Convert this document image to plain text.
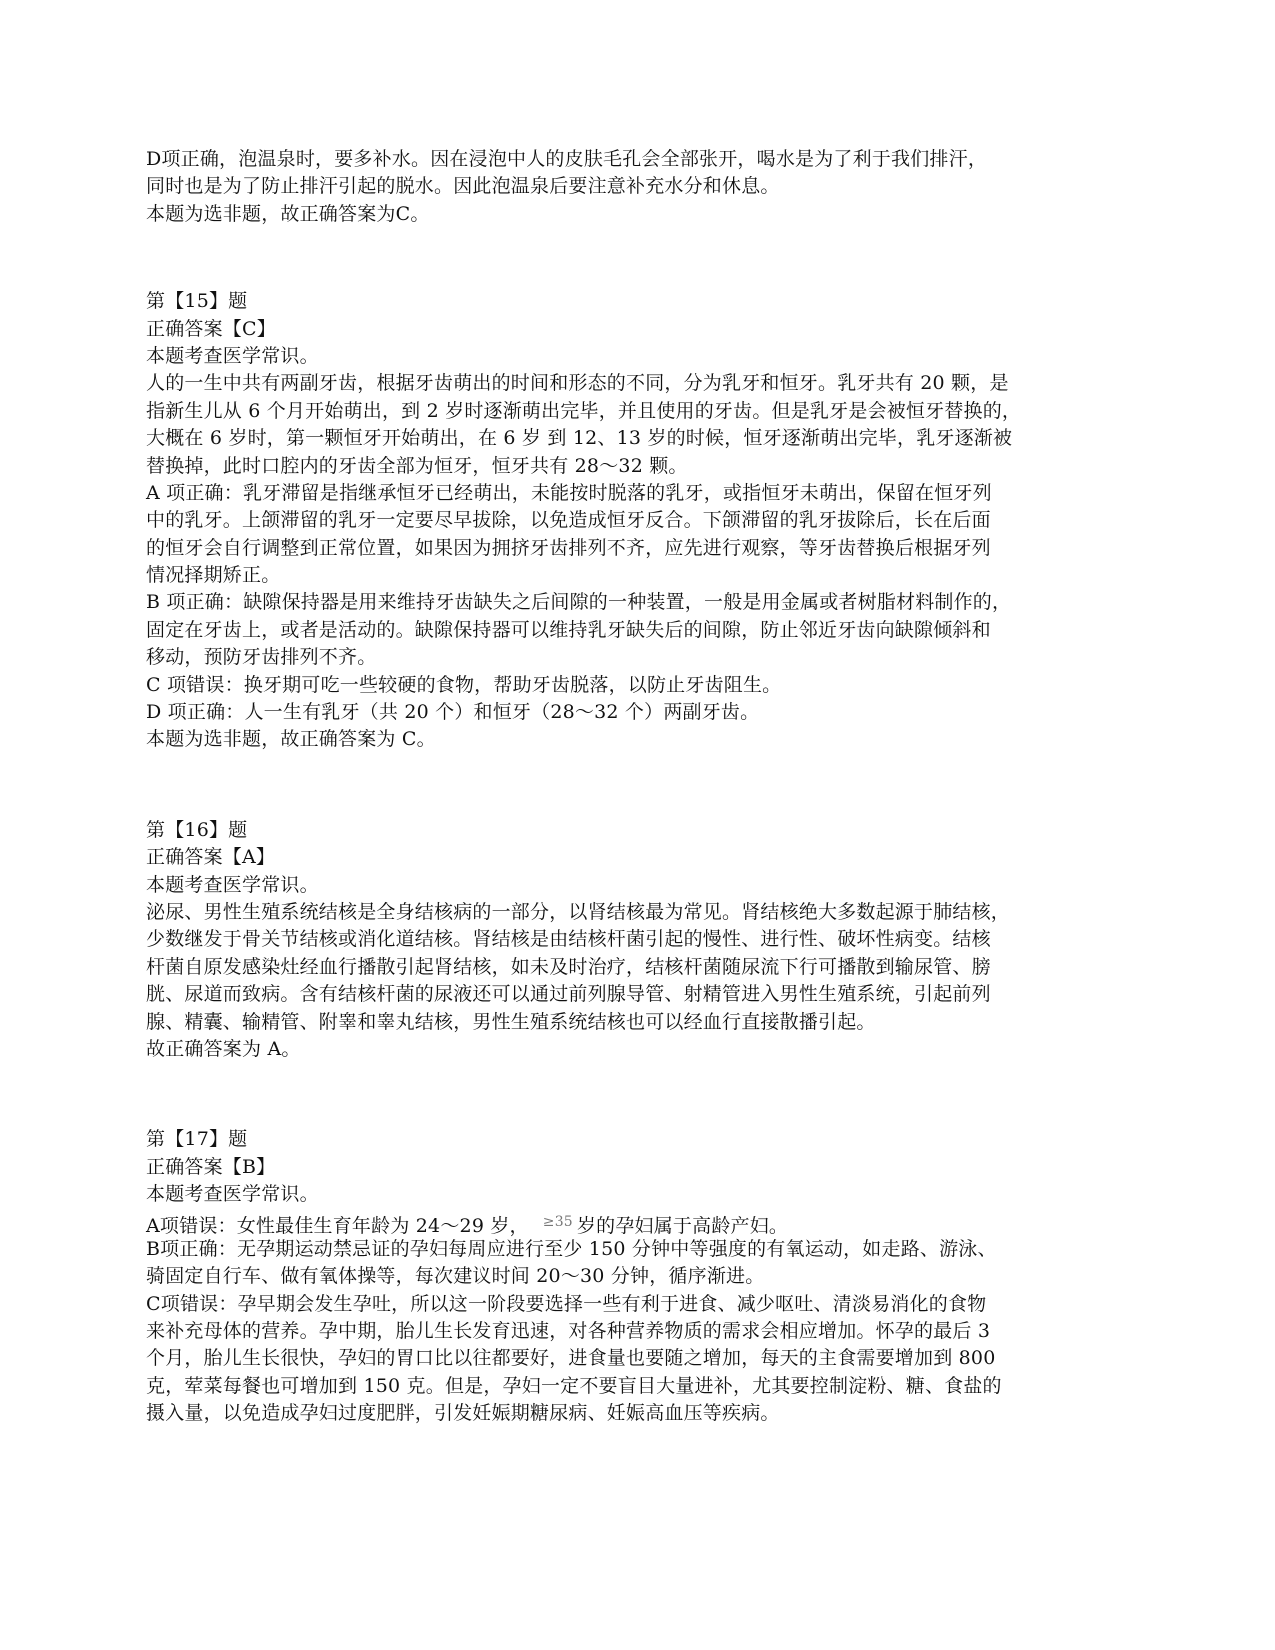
D项正确，泡温泉时，要多补水。因在浸泡中人的皮肤毛孔会全部张开，喝水是为了利于我们排汗，
同时也是为了防止排汗引起的脱水。因此泡温泉后要注意补充水分和休息。
本题为选非题，故正确答案为C。
第【15】题
正确答案【C】
本题考查医学常识。
人的一生中共有两副牙齿，根据牙齿萌出的时间和形态的不同，分为乳牙和恒牙。乳牙共有 20 颗，是
指新生儿从 6 个月开始萌出，到 2 岁时逐渐萌出完毕，并且使用的牙齿。但是乳牙是会被恒牙替换的，
大概在 6 岁时，第一颗恒牙开始萌出，在 6 岁 到 12、13 岁的时候，恒牙逐渐萌出完毕，乳牙逐渐被
替换掉，此时口腔内的牙齿全部为恒牙，恒牙共有 28～32 颗。
A 项正确：乳牙滞留是指继承恒牙已经萌出，未能按时脱落的乳牙，或指恒牙未萌出，保留在恒牙列
中的乳牙。上颌滞留的乳牙一定要尽早拔除，以免造成恒牙反合。下颌滞留的乳牙拔除后，长在后面
的恒牙会自行调整到正常位置，如果因为拥挤牙齿排列不齐，应先进行观察，等牙齿替换后根据牙列
情况择期矫正。
B 项正确：缺隙保持器是用来维持牙齿缺失之后间隙的一种装置，一般是用金属或者树脂材料制作的，
固定在牙齿上，或者是活动的。缺隙保持器可以维持乳牙缺失后的间隙，防止邻近牙齿向缺隙倾斜和
移动，预防牙齿排列不齐。
C 项错误：换牙期可吃一些较硬的食物，帮助牙齿脱落，以防止牙齿阻生。
D 项正确：人一生有乳牙（共 20 个）和恒牙（28～32 个）两副牙齿。
本题为选非题，故正确答案为 C。
第【16】题
正确答案【A】
本题考查医学常识。
泌尿、男性生殖系统结核是全身结核病的一部分，以肾结核最为常见。肾结核绝大多数起源于肺结核，
少数继发于骨关节结核或消化道结核。肾结核是由结核杆菌引起的慢性、进行性、破坏性病变。结核
杆菌自原发感染灶经血行播散引起肾结核，如未及时治疗，结核杆菌随尿流下行可播散到输尿管、膀
胱、尿道而致病。含有结核杆菌的尿液还可以通过前列腺导管、射精管进入男性生殖系统，引起前列
腺、精囊、输精管、附睾和睾丸结核，男性生殖系统结核也可以经血行直接散播引起。
故正确答案为 A。
第【17】题
正确答案【B】
本题考查医学常识。
A项错误：女性最佳生育年龄为 24～29 岁， $^{\ge 35}$ 岁的孕妇属于高龄产妇。
B项正确：无孕期运动禁忌证的孕妇每周应进行至少 150 分钟中等强度的有氧运动，如走路、游泳、
骑固定自行车、做有氧体操等，每次建议时间 20～30 分钟，循序渐进。
C项错误：孕早期会发生孕吐，所以这一阶段要选择一些有利于进食、减少呕吐、清淡易消化的食物
来补充母体的营养。孕中期，胎儿生长发育迅速，对各种营养物质的需求会相应增加。怀孕的最后 3
个月，胎儿生长很快，孕妇的胃口比以往都要好，进食量也要随之增加，每天的主食需要增加到 800
克，荤菜每餐也可增加到 150 克。但是，孕妇一定不要盲目大量进补，尤其要控制淀粉、糖、食盐的
摄入量，以免造成孕妇过度肥胖，引发妊娠期糖尿病、妊娠高血压等疾病。
